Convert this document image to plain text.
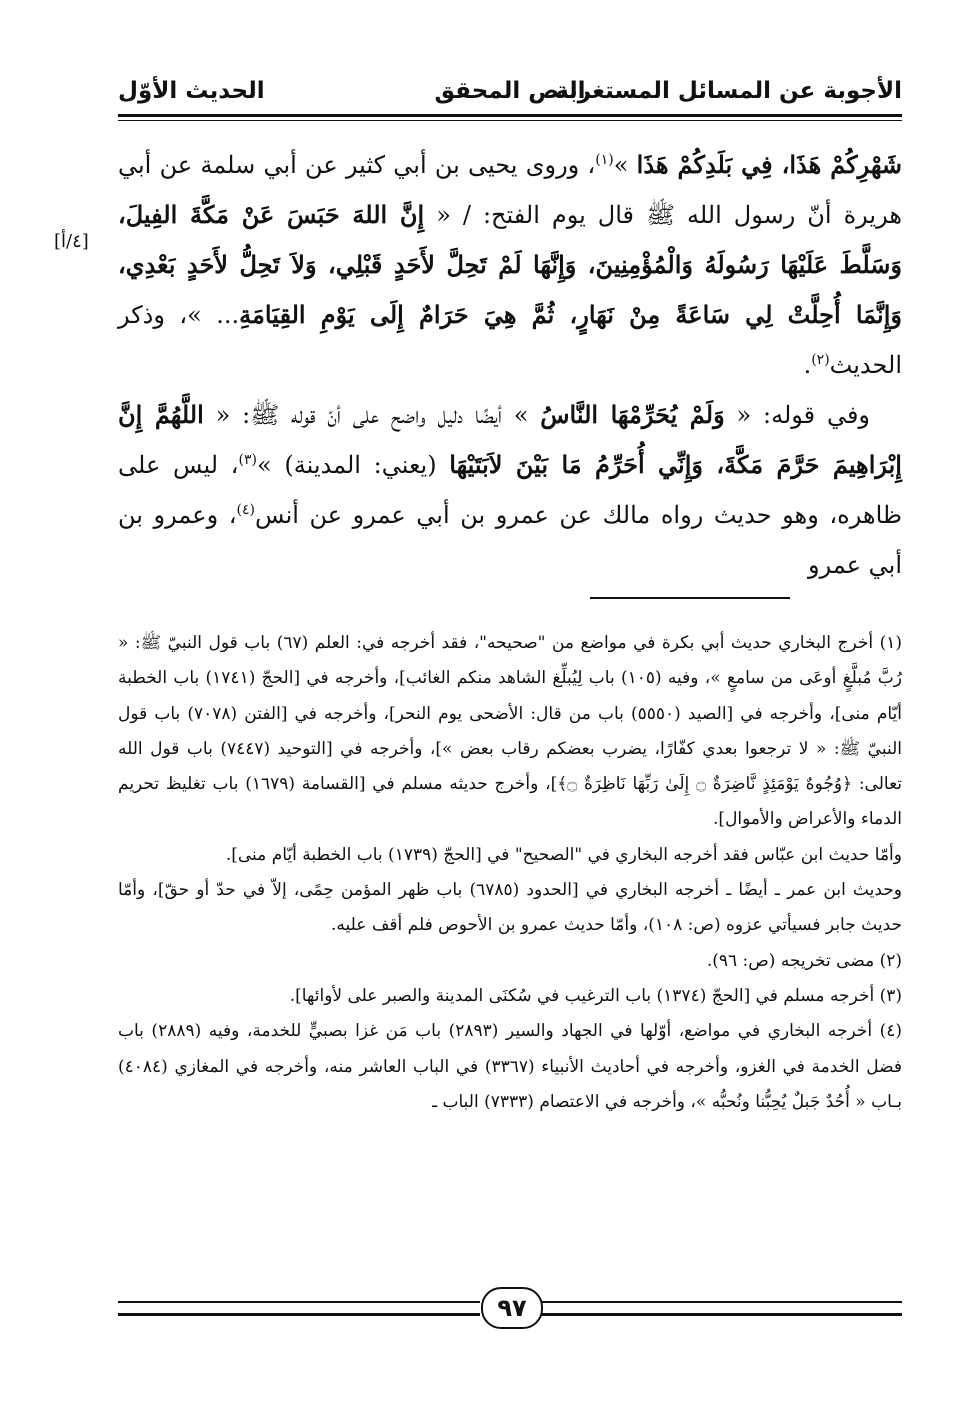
الأجوبة عن المسائل المستغربة
النص المحقق
الحديث الأوّل
[٤/أ]

شَهْرِكُمْ هَذَا، فِي بَلَدِكُمْ هَذَا »$^{(١)}$، وروى يحيى بن أبي كثير عن أبي سلمة عن أبي هريرة أنّ رسول الله ﷺ قال يوم الفتح: / « إِنَّ اللهَ حَبَسَ عَنْ مَكَّةَ الفِيلَ، وَسَلَّطَ عَلَيْهَا رَسُولَهُ وَالْمُؤْمِنِينَ، وَإِنَّهَا لَمْ تَحِلَّ لأَحَدٍ قَبْلِي، وَلاَ تَحِلُّ لأَحَدٍ بَعْدِي، وَإِنَّمَا أُحِلَّتْ لِي سَاعَةً مِنْ نَهَارٍ، ثُمَّ هِيَ حَرَامٌ إِلَى يَوْمِ القِيَامَةِ... »، وذكر الحديث$^{(٢)}$.

وفي قوله: « وَلَمْ يُحَرِّمْهَا النَّاسُ » أيضًا دليل واضح على أنّ قوله ﷺ: « اللَّهُمَّ إِنَّ إِبْرَاهِيمَ حَرَّمَ مَكَّةَ، وَإِنِّي أُحَرِّمُ مَا بَيْنَ لاَبَتَيْهَا (يعني: المدينة) »$^{(٣)}$، ليس على ظاهره، وهو حديث رواه مالك عن عمرو بن أبي عمرو عن أنس$^{(٤)}$، وعمرو بن أبي عمرو

(١) أخرج البخاري حديث أبي بكرة في مواضع من "صحيحه"، فقد أخرجه في: العلم (٦٧) باب قول النبيّ ﷺ: « رُبَّ مُبلَّغٍ أوعَى من سامعٍ »، وفيه (١٠٥) باب لِيُبلِّغ الشاهد منكم الغائب]، وأخرجه في [الحجّ (١٧٤١) باب الخطبة أيّام منى]، وأخرجه في [الصيد (٥٥٥٠) باب من قال: الأضحى يوم النحر]، وأخرجه في [الفتن (٧٠٧٨) باب قول النبيّ ﷺ: « لا ترجعوا بعدي كفّارًا، يضرب بعضكم رقاب بعض »]، وأخرجه في [التوحيد (٧٤٤٧) باب قول الله تعالى: ﴿وُجُوهٌ يَوْمَئِذٍ نَّاضِرَةٌ ۝ إِلَىٰ رَبِّهَا نَاظِرَةٌ ۝﴾]، وأخرج حديثه مسلم في [القسامة (١٦٧٩) باب تغليظ تحريم الدماء والأعراض والأموال].

وأمّا حديث ابن عبّاس فقد أخرجه البخاري في "الصحيح" في [الحجّ (١٧٣٩) باب الخطبة أيّام منى].

وحديث ابن عمر ـ أيضًا ـ أخرجه البخاري في [الحدود (٦٧٨٥) باب ظهر المؤمن حِمًى، إلاّ في حدّ أو حقّ]، وأمّا حديث جابر فسيأتي عزوه (ص: ١٠٨)، وأمّا حديث عمرو بن الأحوص فلم أقف عليه.

(٢) مضى تخريجه (ص: ٩٦).

(٣) أخرجه مسلم في [الحجّ (١٣٧٤) باب الترغيب في سُكنَى المدينة والصبر على لأوائها].

(٤) أخرجه البخاري في مواضع، أوّلها في الجهاد والسير (٢٨٩٣) باب مَن غزا بصبيٍّ للخدمة، وفيه (٢٨٨٩) باب فضل الخدمة في الغزو، وأخرجه في أحاديث الأنبياء (٣٣٦٧) في الباب العاشر منه، وأخرجه في المغازي (٤٠٨٤) بـاب « أُحُدٌ جَبلٌ يُحِبُّنا ونُحبُّه »، وأخرجه في الاعتصام (٧٣٣٣) الباب ـ

٩٧
